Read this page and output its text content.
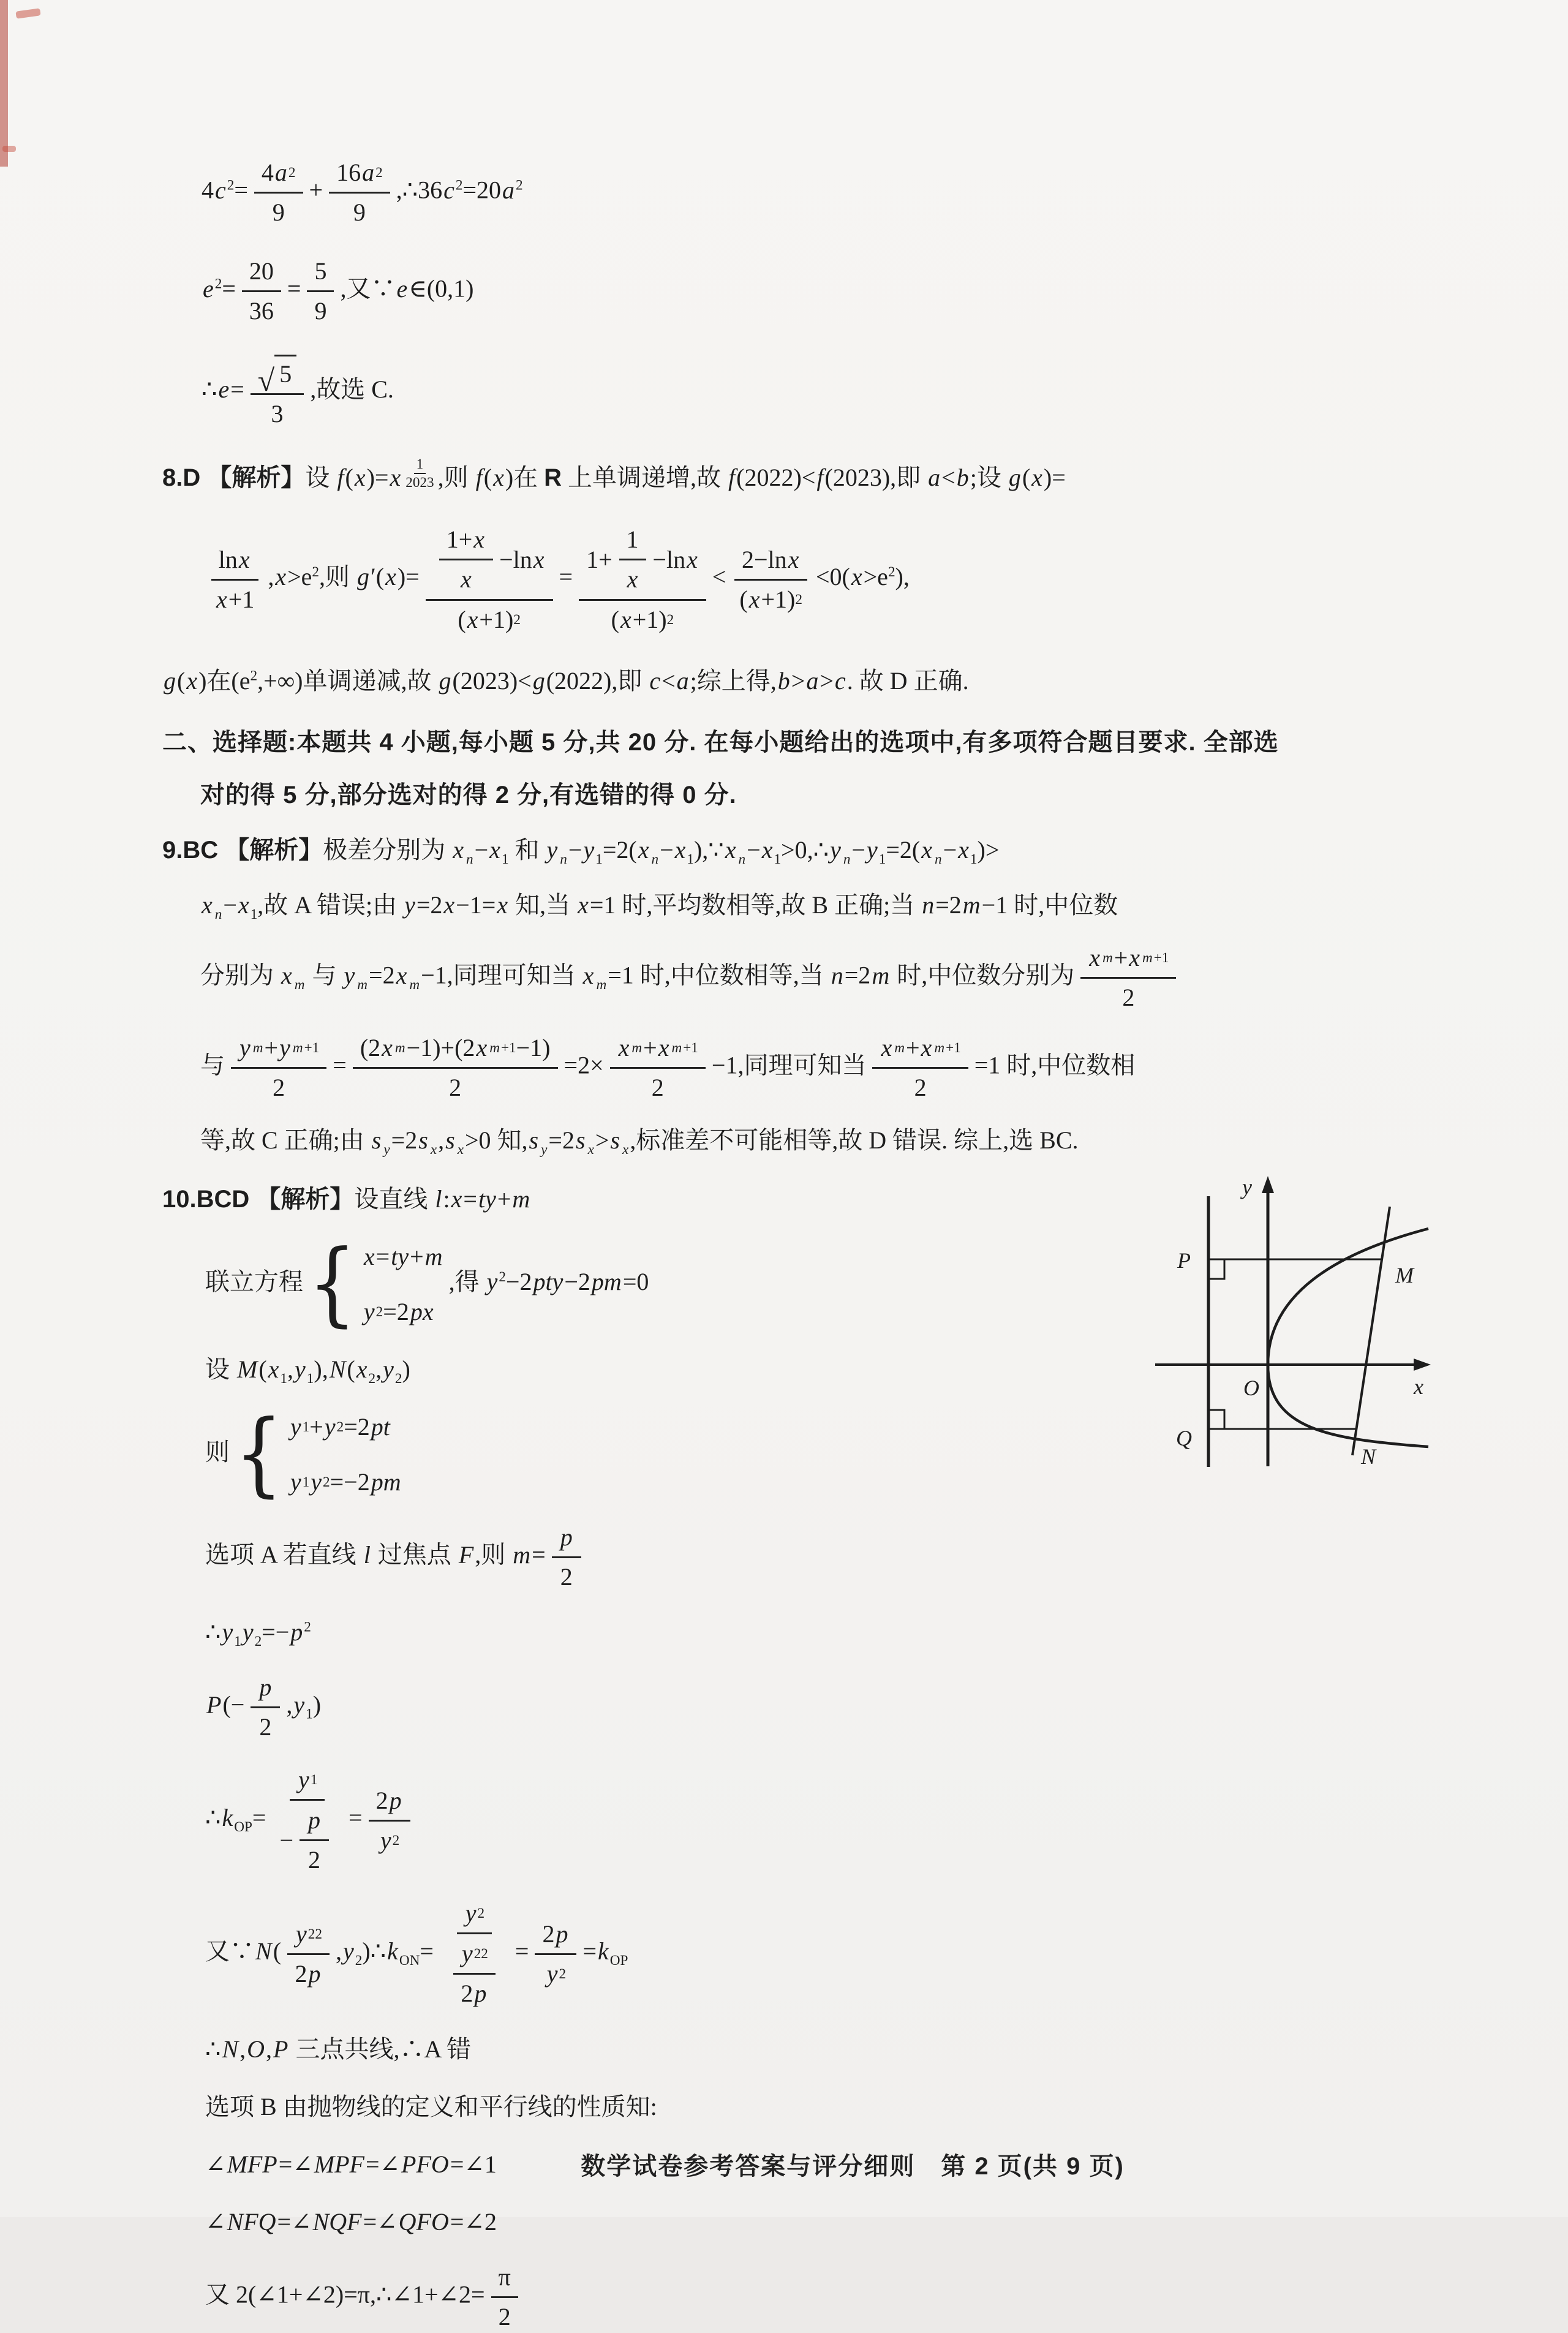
$4c^2= \frac{4 a 2}{9} + \frac{16 a 2}{9}$ $,\therefore 36c^2=20a^2$
$e^2= \frac{20}{36} = \frac{5}{9}$ ,又∵e∈(0,1)
∴e= $\frac{√ 5}{3}$ ,故选 C.
8.D 【解析】设 f(x)=x $^{\frac{1}{2023}}$ ,则 f(x)在 R 上单调递增,故 f(2022)<f(2023),即 a<b;设 g(x)=
$\frac{\text{ln x}}{x +1} ,x>e^2$,则 $g'(x)= \frac{\frac{1+ x}{x} -\ln x}{( x +1) 2} = \frac{1+ \frac{1}{x} -\ln x}{( x +1) 2} < \frac{\text{2−ln x}}{( x +1) 2} <0(x>e^2)$,
g(x)在$(e^2,+\infty)$单调递减,故 g(2023)<g(2022),即 c<a;综上得,b>a>c. 故 D 正确.
二、选择题:本题共 4 小题,每小题 5 分,共 20 分. 在每小题给出的选项中,有多项符合题目要求. 全部选
对的得 5 分,部分选对的得 2 分,有选错的得 0 分.
9.BC 【解析】极差分别为 x $_n-x_1$ 和 y $_n-y_1=2(x$ $_n-x_1),\because x$ $_n-x_1>0,\therefore y$ $_n-y_1=2(x$ $_n-x_1)>$
x $_n-x_1$,故 A 错误;由 y=2x−1=x 知,当 x=1 时,平均数相等,故 B 正确;当 n=2m−1 时,中位数
分别为 x $_m$ 与 y $_m$=2x $_m$−1,同理可知当 x $_m$=1 时,中位数相等,当 n=2m 时,中位数分别为 $\frac{\text{x m + x m+1}}{2}$
与 $\frac{\text{y m + y m+1}}{2} = \frac{\text{(2 x m −1)+(2 x m+1 −1)}}{2} =2\times \frac{\text{x m + x m+1}}{2} -1$,同理可知当 $\frac{\text{x m + x m+1}}{2} =1$ 时,中位数相
等,故 C 正确;由 s $_y$=2s $_x$,s $_x$>0 知,s $_y$=2s $_x$>s $_x$,标准差不可能相等,故 D 错误. 综上,选 BC.
y
x
O
P
Q
M
N
10.BCD 【解析】设直线 l:x=ty+m
联立方程 { x = ty + m
y 2 =2 px
,得 $y^2-2pty-2pm=0$
设 $M(x_1,y_1),N(x_2,y_2)$
则 { y 1 + y 2 =2 pt
y 1 y 2 =−2 pm
选项 A 若直线 l 过焦点 F,则 $m= \frac{p}{2}$
$\therefore y_1y_2=-p^2$
$P(- \frac{p}{2} ,y_1)$
$\therefore k_{OP}= \frac{y 1}{- \frac{p}{2}} = \frac{2 p}{y 2}$
又∵N( $\frac{y 2 2}{2 p}$ $,y_2)\therefore k_{ON}= \frac{y 2}{\frac{y 2 2}{2 p}} = \frac{2 p}{y 2} =k_{OP}$
∴N,O,P 三点共线,∴A 错
选项 B 由抛物线的定义和平行线的性质知:
∠MFP=∠MPF=∠PFO=∠1
∠NFQ=∠NQF=∠QFO=∠2
又 2(∠1+∠2)=π,∴∠1+∠2= $\frac{\pi}{2}$
数学试卷参考答案与评分细则　第 2 页(共 9 页)
